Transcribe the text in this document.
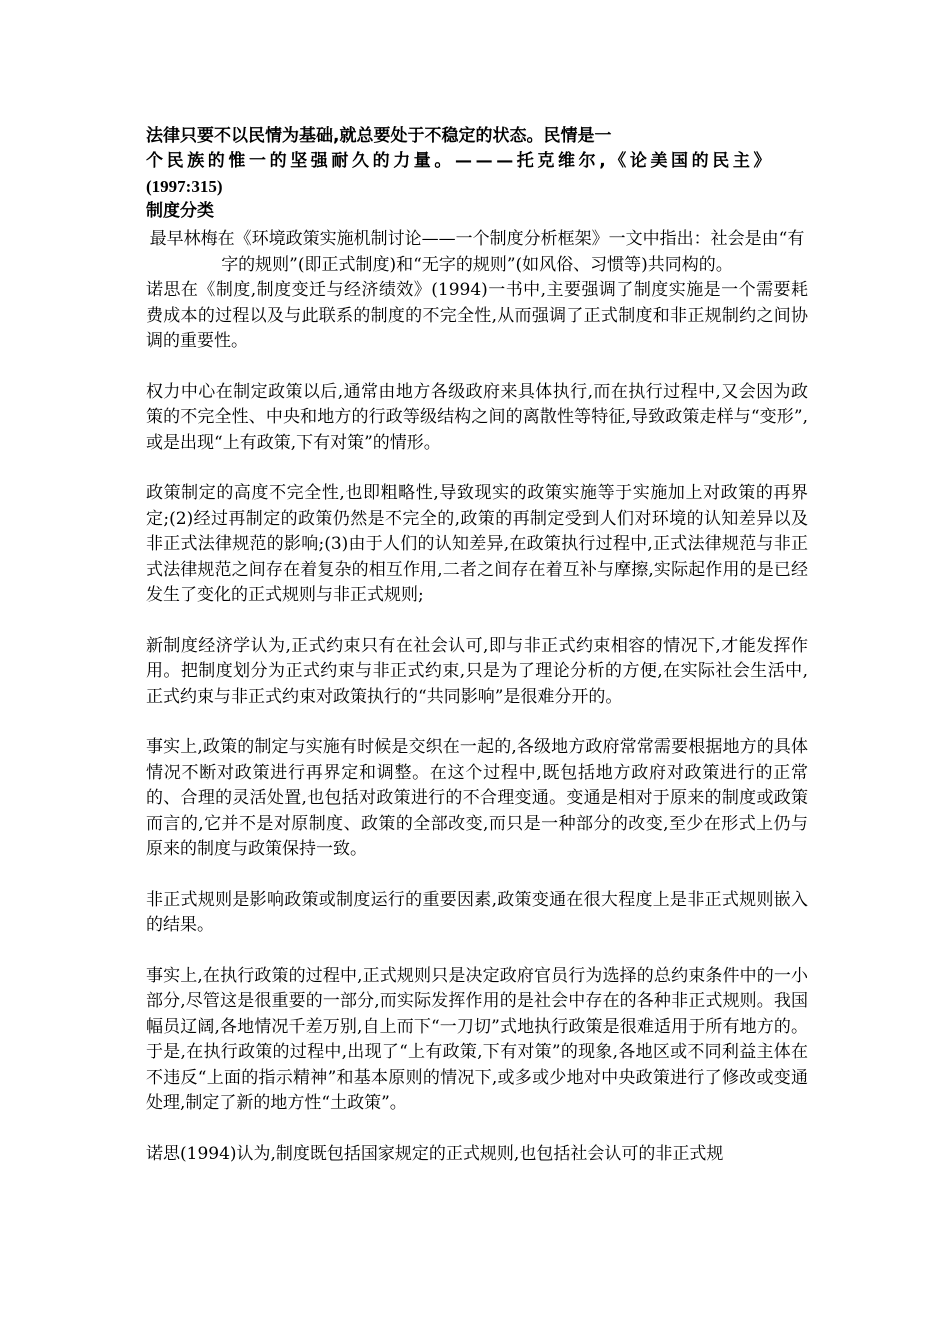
法律只要不以民情为基础,就总要处于不稳定的状态。民情是一

个民族的惟一的坚强耐久的力量。———托克维尔,《论美国的民主》

(1997:315)

制度分类

最早林梅在《环境政策实施机制讨论——一个制度分析框架》一文中指出：社会是由“有字的规则”(即正式制度)和“无字的规则”(如风俗、习惯等)共同构的。

诺思在《制度,制度变迁与经济绩效》(1994)一书中,主要强调了制度实施是一个需要耗费成本的过程以及与此联系的制度的不完全性,从而强调了正式制度和非正规制约之间协调的重要性。

权力中心在制定政策以后,通常由地方各级政府来具体执行,而在执行过程中,又会因为政策的不完全性、中央和地方的行政等级结构之间的离散性等特征,导致政策走样与“变形”,或是出现“上有政策,下有对策”的情形。

政策制定的高度不完全性,也即粗略性,导致现实的政策实施等于实施加上对政策的再界定;(2)经过再制定的政策仍然是不完全的,政策的再制定受到人们对环境的认知差异以及非正式法律规范的影响;(3)由于人们的认知差异,在政策执行过程中,正式法律规范与非正式法律规范之间存在着复杂的相互作用,二者之间存在着互补与摩擦,实际起作用的是已经发生了变化的正式规则与非正式规则;

新制度经济学认为,正式约束只有在社会认可,即与非正式约束相容的情况下,才能发挥作用。把制度划分为正式约束与非正式约束,只是为了理论分析的方便,在实际社会生活中,正式约束与非正式约束对政策执行的“共同影响”是很难分开的。

事实上,政策的制定与实施有时候是交织在一起的,各级地方政府常常需要根据地方的具体情况不断对政策进行再界定和调整。在这个过程中,既包括地方政府对政策进行的正常的、合理的灵活处置,也包括对政策进行的不合理变通。变通是相对于原来的制度或政策而言的,它并不是对原制度、政策的全部改变,而只是一种部分的改变,至少在形式上仍与原来的制度与政策保持一致。

非正式规则是影响政策或制度运行的重要因素,政策变通在很大程度上是非正式规则嵌入的结果。

事实上,在执行政策的过程中,正式规则只是决定政府官员行为选择的总约束条件中的一小部分,尽管这是很重要的一部分,而实际发挥作用的是社会中存在的各种非正式规则。我国幅员辽阔,各地情况千差万别,自上而下“一刀切”式地执行政策是很难适用于所有地方的。于是,在执行政策的过程中,出现了“上有政策,下有对策”的现象,各地区或不同利益主体在不违反“上面的指示精神”和基本原则的情况下,或多或少地对中央政策进行了修改或变通处理,制定了新的地方性“土政策”。

诺思(1994)认为,制度既包括国家规定的正式规则,也包括社会认可的非正式规
